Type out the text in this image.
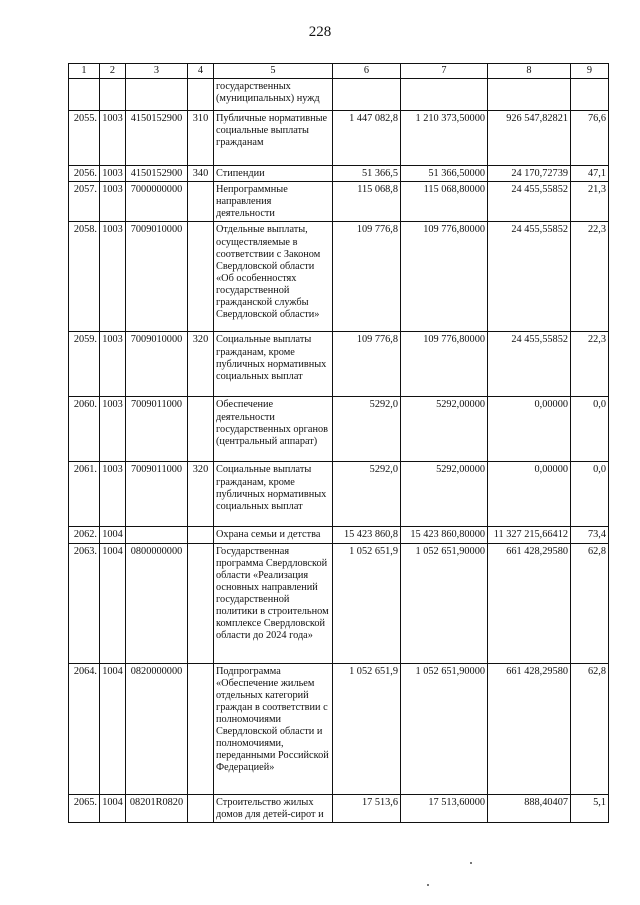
228
1	2	3	4	5	6	7	8	9
				государственных (муниципальных) нужд				
2055.	1003	4150152900	310	Публичные нормативные социальные выплаты гражданам	1 447 082,8	1 210 373,50000	926 547,82821	76,6
2056.	1003	4150152900	340	Стипендии	51 366,5	51 366,50000	24 170,72739	47,1
2057.	1003	7000000000		Непрограммные направления деятельности	115 068,8	115 068,80000	24 455,55852	21,3
2058.	1003	7009010000		Отдельные выплаты, осуществляемые в соответствии с Законом Свердловской области «Об особенностях государственной гражданской службы Свердловской области»	109 776,8	109 776,80000	24 455,55852	22,3
2059.	1003	7009010000	320	Социальные выплаты гражданам, кроме публичных нормативных социальных выплат	109 776,8	109 776,80000	24 455,55852	22,3
2060.	1003	7009011000		Обеспечение деятельности государственных органов (центральный аппарат)	5292,0	5292,00000	0,00000	0,0
2061.	1003	7009011000	320	Социальные выплаты гражданам, кроме публичных нормативных социальных выплат	5292,0	5292,00000	0,00000	0,0
2062.	1004			Охрана семьи и детства	15 423 860,8	15 423 860,80000	11 327 215,66412	73,4
2063.	1004	0800000000		Государственная программа Свердловской области «Реализация основных направлений государственной политики в строительном комплексе Свердловской области до 2024 года»	1 052 651,9	1 052 651,90000	661 428,29580	62,8
2064.	1004	0820000000		Подпрограмма «Обеспечение жильем отдельных категорий граждан в соответствии с полномочиями Свердловской области и полномочиями, переданными Российской Федерацией»	1 052 651,9	1 052 651,90000	661 428,29580	62,8
2065.	1004	08201R0820		Строительство жилых домов для детей-сирот и	17 513,6	17 513,60000	888,40407	5,1
